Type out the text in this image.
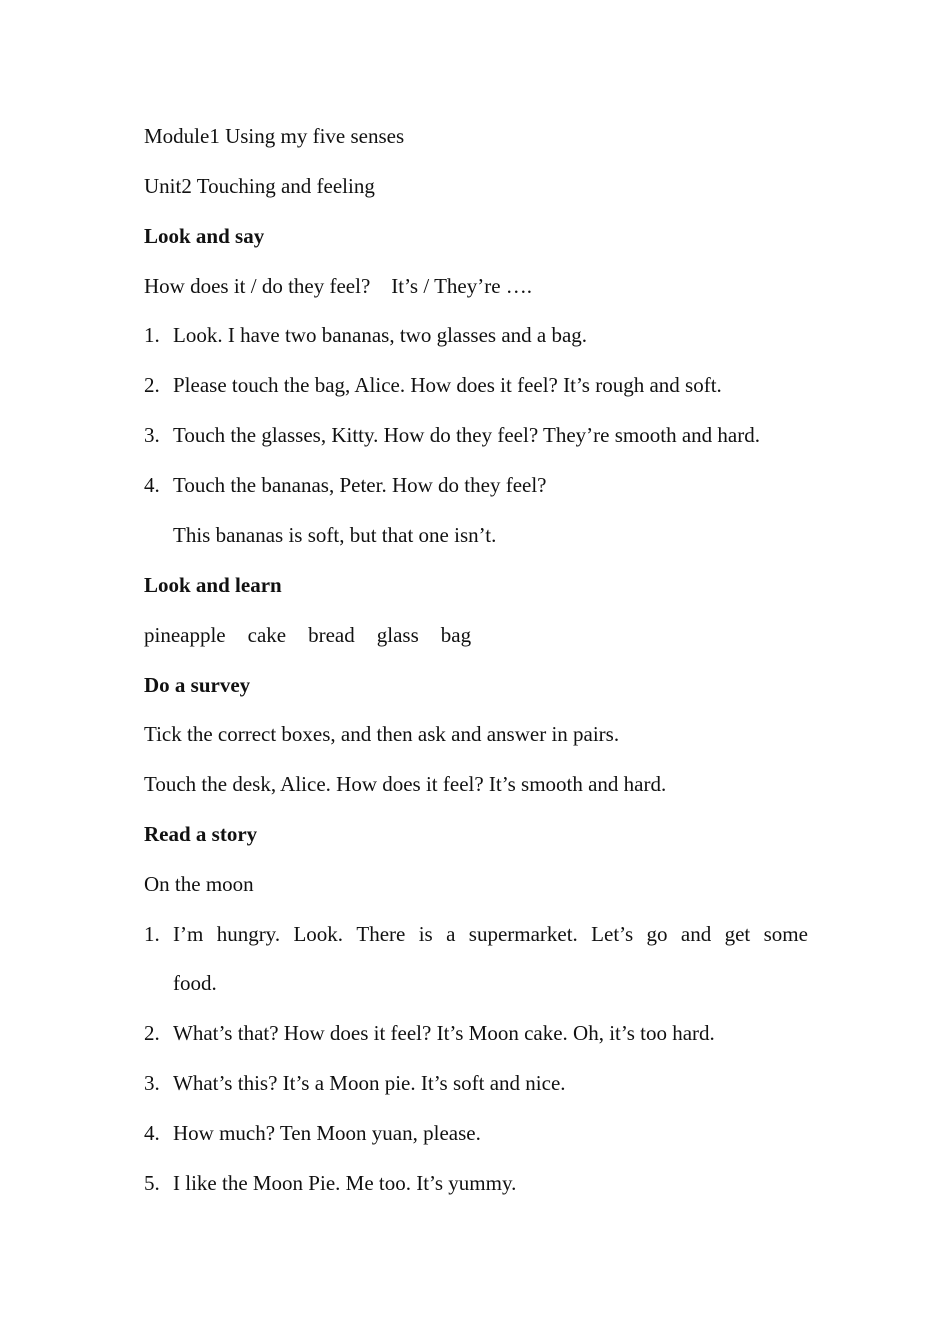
Module1 Using my five senses
Unit2 Touching and feeling
Look and say
How does it / do they feel?    It’s / They’re ….
1. Look. I have two bananas, two glasses and a bag.
2. Please touch the bag, Alice. How does it feel? It’s rough and soft.
3. Touch the glasses, Kitty. How do they feel? They’re smooth and hard.
4. Touch the bananas, Peter. How do they feel?
This bananas is soft, but that one isn’t.
Look and learn
pineapple cake bread glass bag
Do a survey
Tick the correct boxes, and then ask and answer in pairs.
Touch the desk, Alice. How does it feel? It’s smooth and hard.
Read a story
On the moon
1. I’m hungry. Look. There is a supermarket. Let’s go and get some
food.
2. What’s that? How does it feel? It’s Moon cake. Oh, it’s too hard.
3. What’s this? It’s a Moon pie. It’s soft and nice.
4. How much? Ten Moon yuan, please.
5. I like the Moon Pie. Me too. It’s yummy.
